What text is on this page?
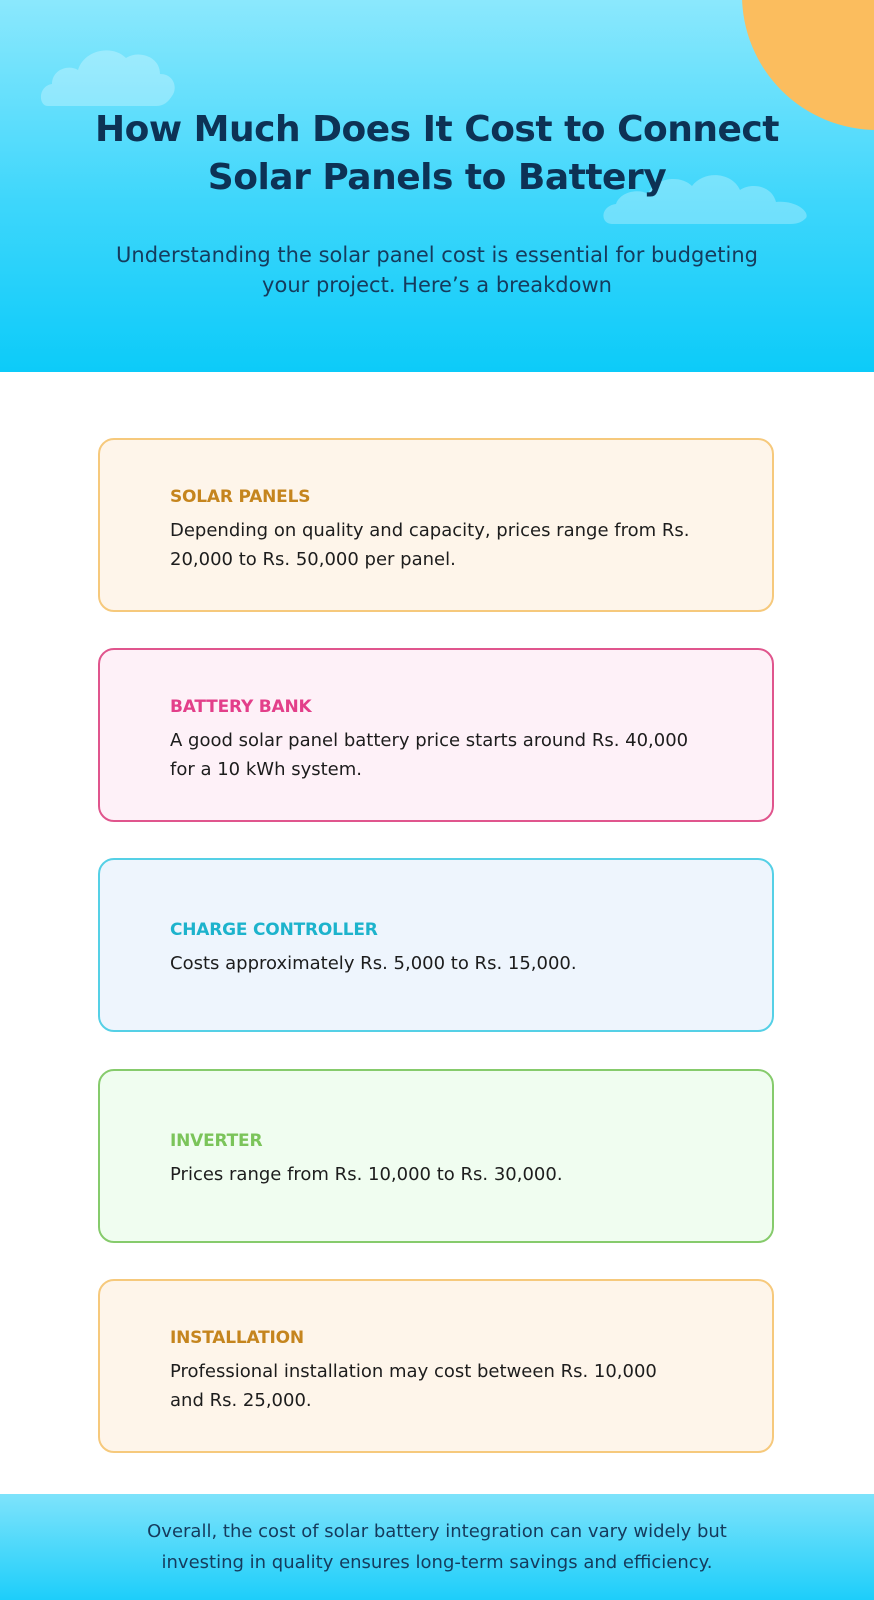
How Much Does It Cost to Connect
Solar Panels to Battery

Understanding the solar panel cost is essential for budgeting
your project. Here’s a breakdown

SOLAR PANELS

Depending on quality and capacity, prices range from Rs. 20,000 to Rs. 50,000 per panel.

BATTERY BANK

A good solar panel battery price starts around Rs. 40,000 for a 10 kWh system.

CHARGE CONTROLLER

Costs approximately Rs. 5,000 to Rs. 15,000.

INVERTER

Prices range from Rs. 10,000 to Rs. 30,000.

INSTALLATION

Professional installation may cost between Rs. 10,000 and Rs. 25,000.

Overall, the cost of solar battery integration can vary widely but
investing in quality ensures long-term savings and efficiency.
